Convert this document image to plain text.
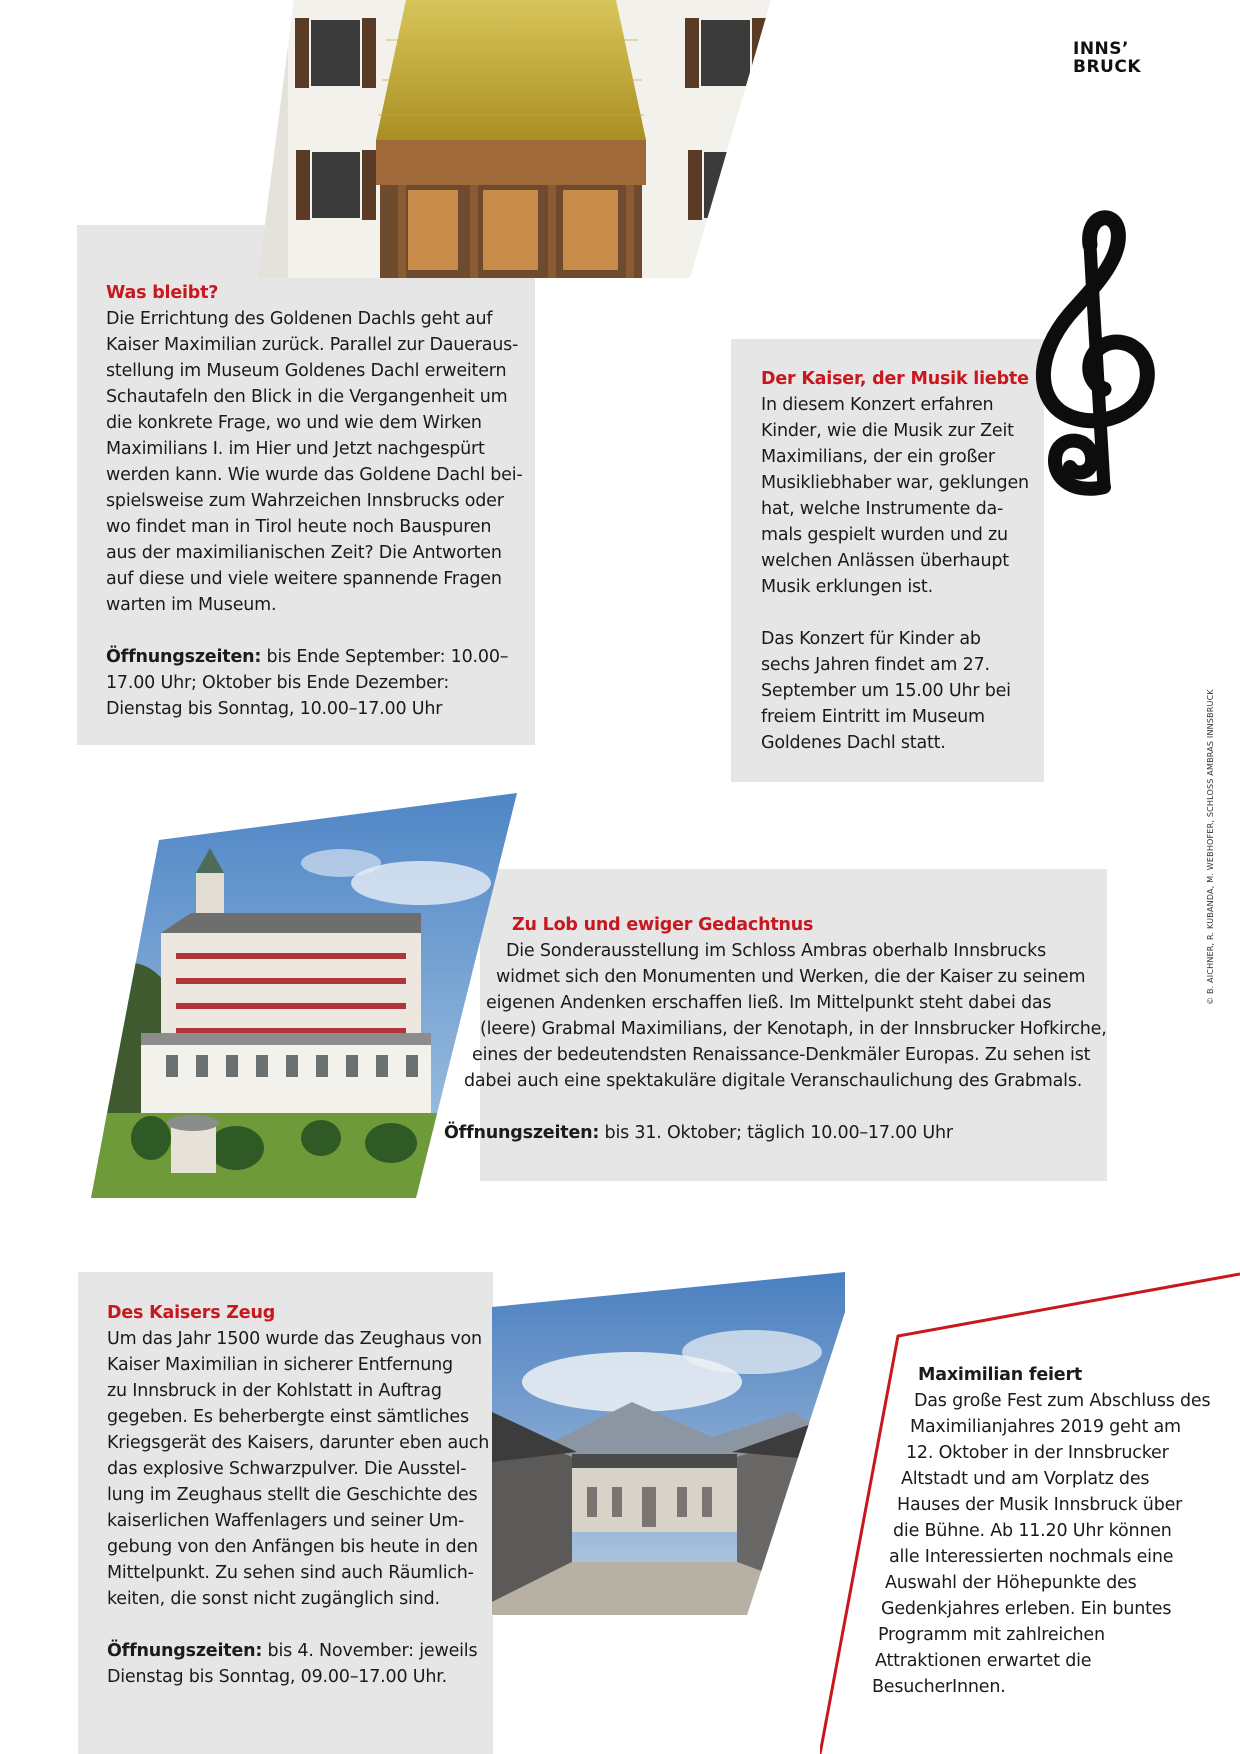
Was bleibt?

Die Errichtung des Goldenen Dachls geht auf

Kaiser Maximilian zurück. Parallel zur Daueraus-

stellung im Museum Goldenes Dachl erweitern

Schautafeln den Blick in die Vergangenheit um

die konkrete Frage, wo und wie dem Wirken

Maximilians I. im Hier und Jetzt nachgespürt

werden kann. Wie wurde das Goldene Dachl bei-

spielsweise zum Wahrzeichen Innsbrucks oder

wo findet man in Tirol heute noch Bauspuren

aus der maximilianischen Zeit? Die Antworten

auf diese und viele weitere spannende Fragen

warten im Museum.

Öffnungszeiten: bis Ende September: 10.00–

17.00 Uhr; Oktober bis Ende Dezember:

Dienstag bis Sonntag, 10.00–17.00 Uhr

INNS’
BRUCK

Der Kaiser, der Musik liebte

In diesem Konzert erfahren

Kinder, wie die Musik zur Zeit

Maximilians, der ein großer

Musikliebhaber war, geklungen

hat, welche Instrumente da-

mals gespielt wurden und zu

welchen Anlässen überhaupt

Musik erklungen ist.

Das Konzert für Kinder ab

sechs Jahren findet am 27.

September um 15.00 Uhr bei

freiem Eintritt im Museum

Goldenes Dachl statt.

Zu Lob und ewiger Gedachtnus

Die Sonderausstellung im Schloss Ambras oberhalb Innsbrucks

widmet sich den Monumenten und Werken, die der Kaiser zu seinem

eigenen Andenken erschaffen ließ. Im Mittelpunkt steht dabei das

(leere) Grabmal Maximilians, der Kenotaph, in der Innsbrucker Hofkirche,

eines der bedeutendsten Renaissance-Denkmäler Europas. Zu sehen ist

dabei auch eine spektakuläre digitale Veranschaulichung des Grabmals.

Öffnungszeiten: bis 31. Oktober; täglich 10.00–17.00 Uhr

© B. AICHNER, R. KUBANDA, M. WEBHOFER, SCHLOSS AMBRAS INNSBRUCK

Des Kaisers Zeug

Um das Jahr 1500 wurde das Zeughaus von

Kaiser Maximilian in sicherer Entfernung

zu Innsbruck in der Kohlstatt in Auftrag

gegeben. Es beherbergte einst sämtliches

Kriegsgerät des Kaisers, darunter eben auch

das explosive Schwarzpulver. Die Ausstel-

lung im Zeughaus stellt die Geschichte des

kaiserlichen Waffenlagers und seiner Um-

gebung von den Anfängen bis heute in den

Mittelpunkt. Zu sehen sind auch Räumlich-

keiten, die sonst nicht zugänglich sind.

Öffnungszeiten: bis 4. November: jeweils

Dienstag bis Sonntag, 09.00–17.00 Uhr.

Maximilian feiert

Das große Fest zum Abschluss des

Maximilianjahres 2019 geht am

12. Oktober in der Innsbrucker

Altstadt und am Vorplatz des

Hauses der Musik Innsbruck über

die Bühne. Ab 11.20 Uhr können

alle Interessierten nochmals eine

Auswahl der Höhepunkte des

Gedenkjahres erleben. Ein buntes

Programm mit zahlreichen

Attraktionen erwartet die

BesucherInnen.
